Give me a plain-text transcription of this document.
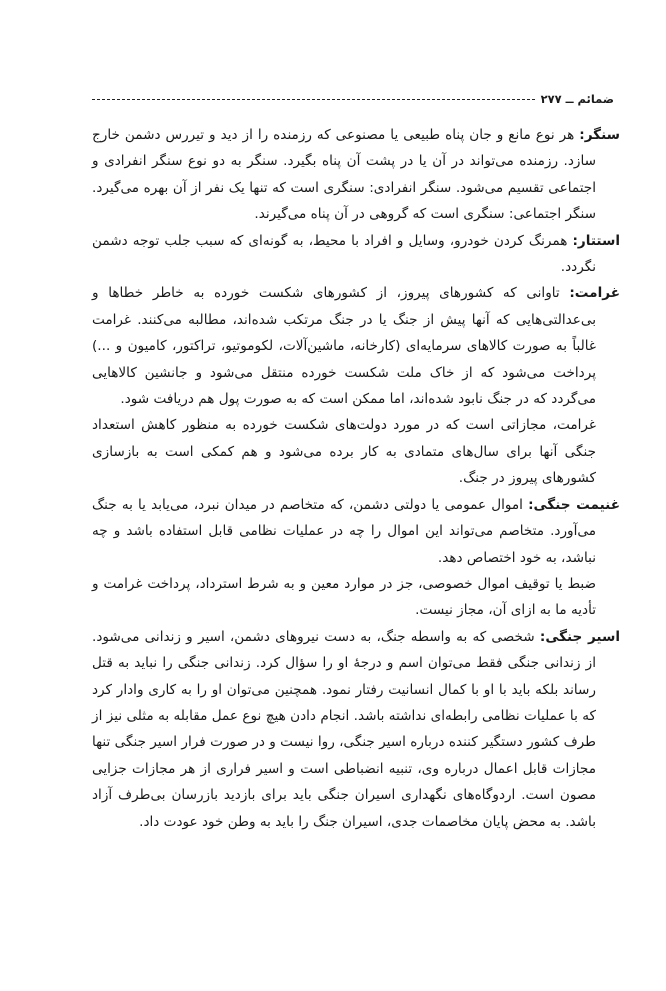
ضمائم ــ ۲۷۷

سنگر: هر نوع مانع و جان پناه طبیعی یا مصنوعی که رزمنده را از دید و تیررس دشمن خارج سازد. رزمنده می‌تواند در آن یا در پشت آن پناه بگیرد. سنگر به دو نوع سنگر انفرادی و اجتماعی تقسیم می‌شود. سنگر انفرادی: سنگری است که تنها یک نفر از آن بهره می‌گیرد. سنگر اجتماعی: سنگری است که گروهی در آن پناه می‌گیرند.

استتار: همرنگ کردن خودرو، وسایل و افراد با محیط، به گونه‌ای که سبب جلب توجه دشمن نگردد.

غرامت: تاوانی که کشورهای پیروز، از کشورهای شکست خورده به خاطر خطاها و بی‌عدالتی‌هایی که آنها پیش از جنگ یا در جنگ مرتکب شده‌اند، مطالبه می‌کنند. غرامت غالباً به صورت کالاهای سرمایه‌ای (کارخانه، ماشین‌آلات، لکوموتیو، تراکتور، کامیون و ...) پرداخت می‌شود که از خاک ملت شکست خورده منتقل می‌شود و جانشین کالاهایی می‌گردد که در جنگ نابود شده‌اند، اما ممکن است که به صورت پول هم دریافت شود.

غرامت، مجازاتی است که در مورد دولت‌های شکست خورده به منظور کاهش استعداد جنگی آنها برای سال‌های متمادی به کار برده می‌شود و هم کمکی است به بازسازی کشورهای پیروز در جنگ.

غنیمت جنگی: اموال عمومی یا دولتی دشمن، که متخاصم در میدان نبرد، می‌یابد یا به جنگ می‌آورد. متخاصم می‌تواند این اموال را چه در عملیات نظامی قابل استفاده باشد و چه نباشد، به خود اختصاص دهد.

ضبط یا توقیف اموال خصوصی، جز در موارد معین و به شرط استرداد، پرداخت غرامت و تأدیه ما به ازای آن، مجاز نیست.

اسیر جنگی: شخصی که به واسطه جنگ، به دست نیروهای دشمن، اسیر و زندانی می‌شود. از زندانی جنگی فقط می‌توان اسم و درجهٔ او را سؤال کرد. زندانی جنگی را نباید به قتل رساند بلکه باید با او با کمال انسانیت رفتار نمود. همچنین می‌توان او را به کاری وادار کرد که با عملیات نظامی رابطه‌ای نداشته باشد. انجام دادن هیچ نوع عمل مقابله به مثلی نیز از طرف کشور دستگیر کننده درباره اسیر جنگی، روا نیست و در صورت فرار اسیر جنگی تنها مجازات قابل اعمال درباره وی، تنبیه انضباطی است و اسیر فراری از هر مجازات جزایی مصون است. اردوگاه‌های نگهداری اسیران جنگی باید برای بازدید بازرسان بی‌طرف آزاد باشد. به محض پایان مخاصمات جدی، اسیران جنگ را باید به وطن خود عودت داد.
